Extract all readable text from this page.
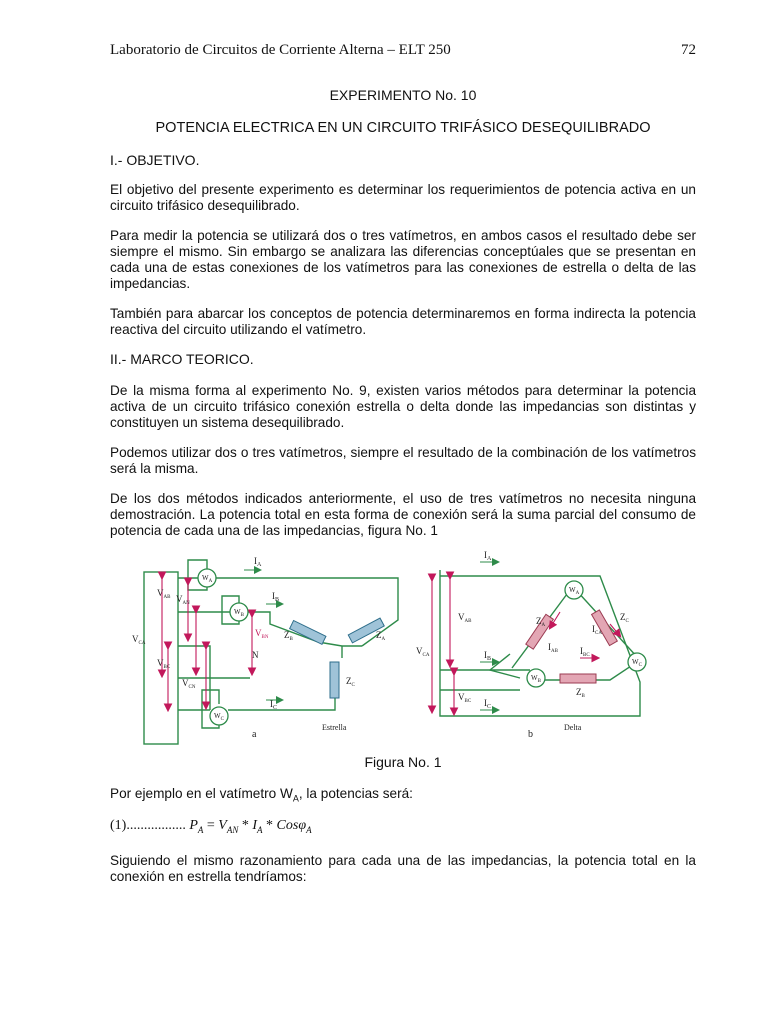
Laboratorio de Circuitos de Corriente Alterna – ELT 250	72
EXPERIMENTO No. 10
POTENCIA ELECTRICA EN UN CIRCUITO TRIFÁSICO DESEQUILIBRADO
I.- OBJETIVO.
El objetivo del presente experimento es determinar los requerimientos de potencia activa en un circuito trifásico desequilibrado.
Para medir la potencia se utilizará dos o tres vatímetros, en ambos casos el resultado debe ser siempre el mismo. Sin embargo se analizara las diferencias conceptúales que se presentan en cada una de estas conexiones de los vatímetros para las conexiones de estrella o delta de las impedancias.
También para abarcar los conceptos de potencia determinaremos en forma indirecta la potencia reactiva del circuito utilizando el vatímetro.
II.- MARCO TEORICO.
De la misma forma al experimento No. 9, existen varios métodos para determinar la potencia activa de un circuito trifásico conexión estrella o delta donde las impedancias son distintas y constituyen un sistema desequilibrado.
Podemos utilizar dos o tres vatímetros, siempre el resultado de la combinación de los vatímetros será la misma.
De los dos métodos indicados anteriormente, el uso de tres vatímetros no necesita ninguna demostración. La potencia total en esta forma de conexión será la suma parcial del consumo de potencia de cada una de las impedancias, figura No. 1
$I_A$
$I_B$
$I_C$
$V_{AB}$ $V_{AN}$
$V_{BN}$
$V_{CA}$
$V_{BC}$
$V_{CN}$
$W_A$
$W_B$
$W_C$
$Z_A$
$Z_B$
$Z_C$
N
Estrella
a
$I_A$
$I_B$
$I_C$
$V_{AB}$
$V_{CA}$
$V_{BC}$
$W_A$
$W_B$
$W_C$
$Z_A$
$Z_C$
$Z_B$
$I_{CA}$
$I_{AB}$ $I_{BC}$
Delta
b
Figura No. 1
Por ejemplo en el vatímetro $W_A$, la potencias será:
(1)................. $P_A = V_{AN} * I_A * Cos\varphi_A$
Siguiendo el mismo razonamiento para cada una de las impedancias, la potencia total en la conexión en estrella tendríamos:
